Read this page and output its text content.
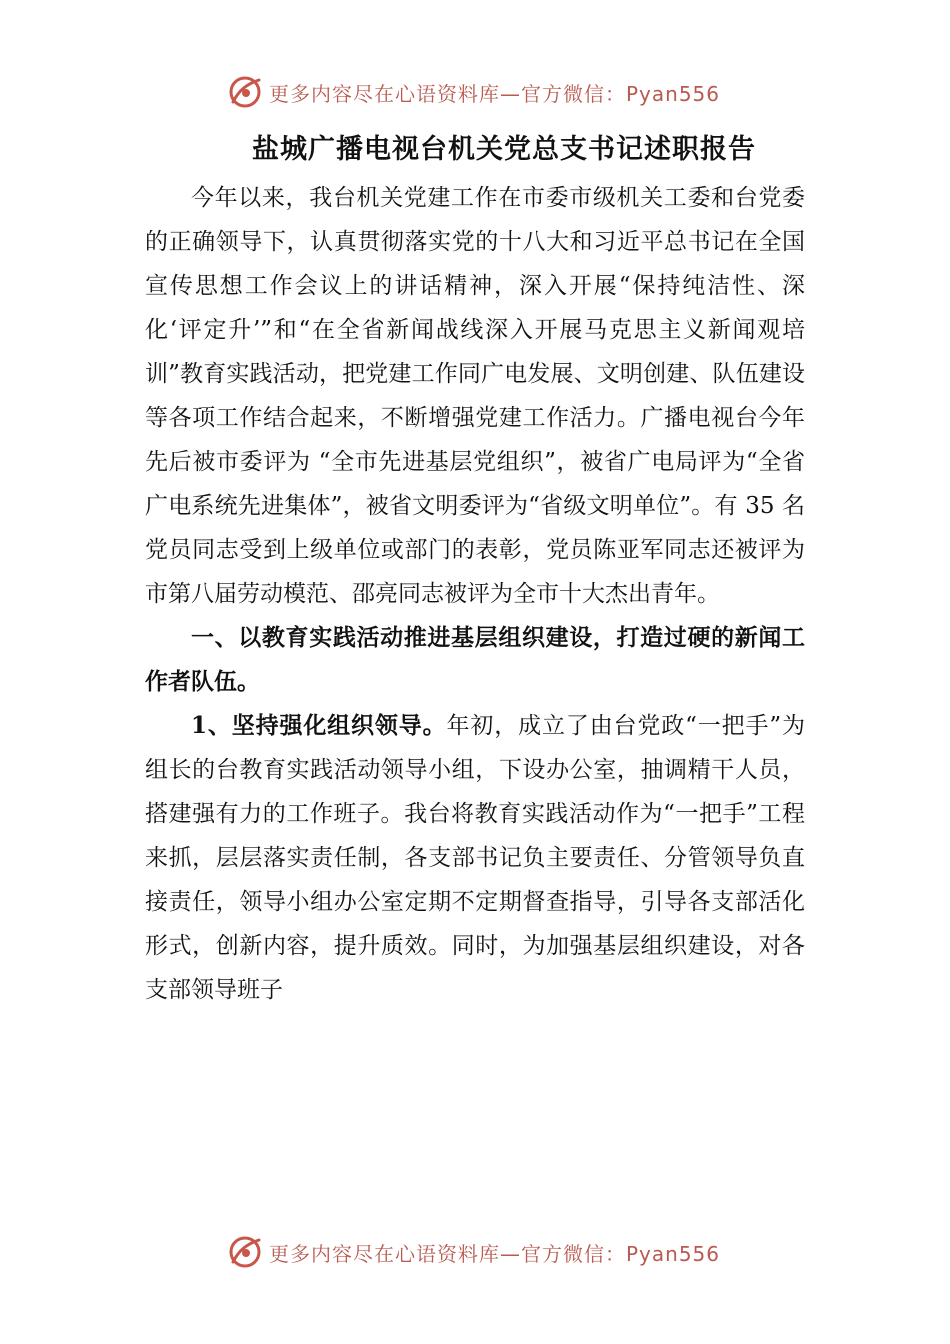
更多内容尽在心语资料库—官方微信：Pyan556
盐城广播电视台机关党总支书记述职报告

今年以来，我台机关党建工作在市委市级机关工委和台党委的正确领导下，认真贯彻落实党的十八大和习近平总书记在全国宣传思想工作会议上的讲话精神，深入开展“保持纯洁性、深化‘评定升’”和“在全省新闻战线深入开展马克思主义新闻观培训”教育实践活动，把党建工作同广电发展、文明创建、队伍建设等各项工作结合起来，不断增强党建工作活力。广播电视台今年先后被市委评为 “全市先进基层党组织”，被省广电局评为“全省广电系统先进集体”，被省文明委评为“省级文明单位”。有 35 名党员同志受到上级单位或部门的表彰，党员陈亚军同志还被评为市第八届劳动模范、邵亮同志被评为全市十大杰出青年。

一、以教育实践活动推进基层组织建设，打造过硬的新闻工作者队伍。

1、坚持强化组织领导。年初，成立了由台党政“一把手”为组长的台教育实践活动领导小组，下设办公室，抽调精干人员，搭建强有力的工作班子。我台将教育实践活动作为“一把手”工程来抓，层层落实责任制，各支部书记负主要责任、分管领导负直接责任，领导小组办公室定期不定期督查指导，引导各支部活化形式，创新内容，提升质效。同时，为加强基层组织建设，对各支部领导班子

更多内容尽在心语资料库—官方微信：Pyan556
